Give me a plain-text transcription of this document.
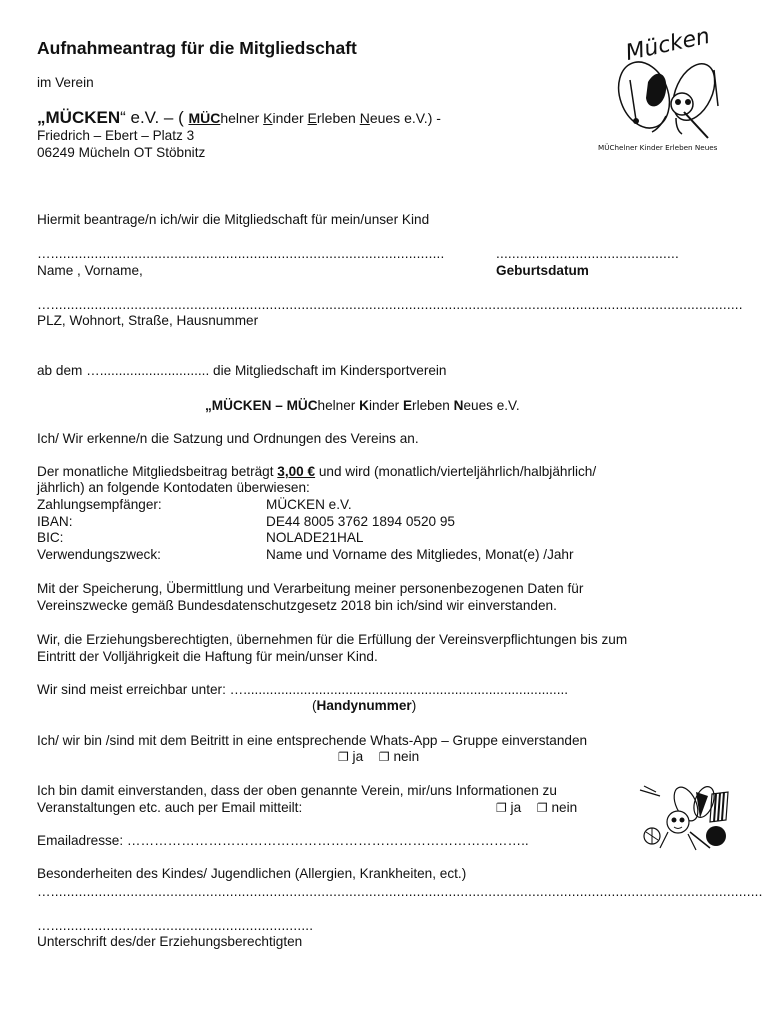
Aufnahmeantrag für die Mitgliedschaft
im Verein
„MÜCKEN“ e.V. – ( MÜChelner Kinder Erleben Neues e.V.) -
Friedrich – Ebert – Platz 3
06249 Mücheln OT Stöbnitz
Mücken
MÜChelner Kinder Erleben Neues
Hiermit beantrage/n ich/wir die Mitgliedschaft für mein/unser Kind
…...................................................................................................	..............................................
Name , Vorname,	Geburtsdatum
…..............................................................................................................................................................................
PLZ, Wohnort, Straße, Hausnummer
ab dem …............................. die Mitgliedschaft im Kindersportverein
„MÜCKEN – MÜChelner Kinder Erleben Neues e.V.
Ich/ Wir erkenne/n die Satzung und Ordnungen des Vereins an.
Der monatliche Mitgliedsbeitrag beträgt 3,00 € und wird (monatlich/vierteljährlich/halbjährlich/
jährlich) an folgende Kontodaten überwiesen:
Zahlungsempfänger:	MÜCKEN e.V.
IBAN:	DE44 8005 3762 1894 0520 95
BIC:	NOLADE21HAL
Verwendungszweck:	Name und Vorname des Mitgliedes, Monat(e) /Jahr
Mit der Speicherung, Übermittlung und Verarbeitung meiner personenbezogenen Daten für
Vereinszwecke gemäß Bundesdatenschutzgesetz 2018 bin ich/sind wir einverstanden.
Wir, die Erziehungsberechtigten, übernehmen für die Erfüllung der Vereinsverpflichtungen bis zum
Eintritt der Volljährigkeit die Haftung für mein/unser Kind.
Wir sind meist erreichbar unter: …......................................................................................
(Handynummer)
Ich/ wir bin /sind mit dem Beitritt in eine entsprechende Whats-App – Gruppe einverstanden
❐ ja ❐ nein
Ich bin damit einverstanden, dass der oben genannte Verein, mir/uns Informationen zu
Veranstaltungen etc. auch per Email mitteilt:	❐ ja ❐ nein
Emailadresse: ……………………………………………………………………………..
Besonderheiten des Kindes/ Jugendlichen (Allergien, Krankheiten, ect.)
…...................................................................................................................................................................................
…..................................................................
Unterschrift des/der Erziehungsberechtigten
